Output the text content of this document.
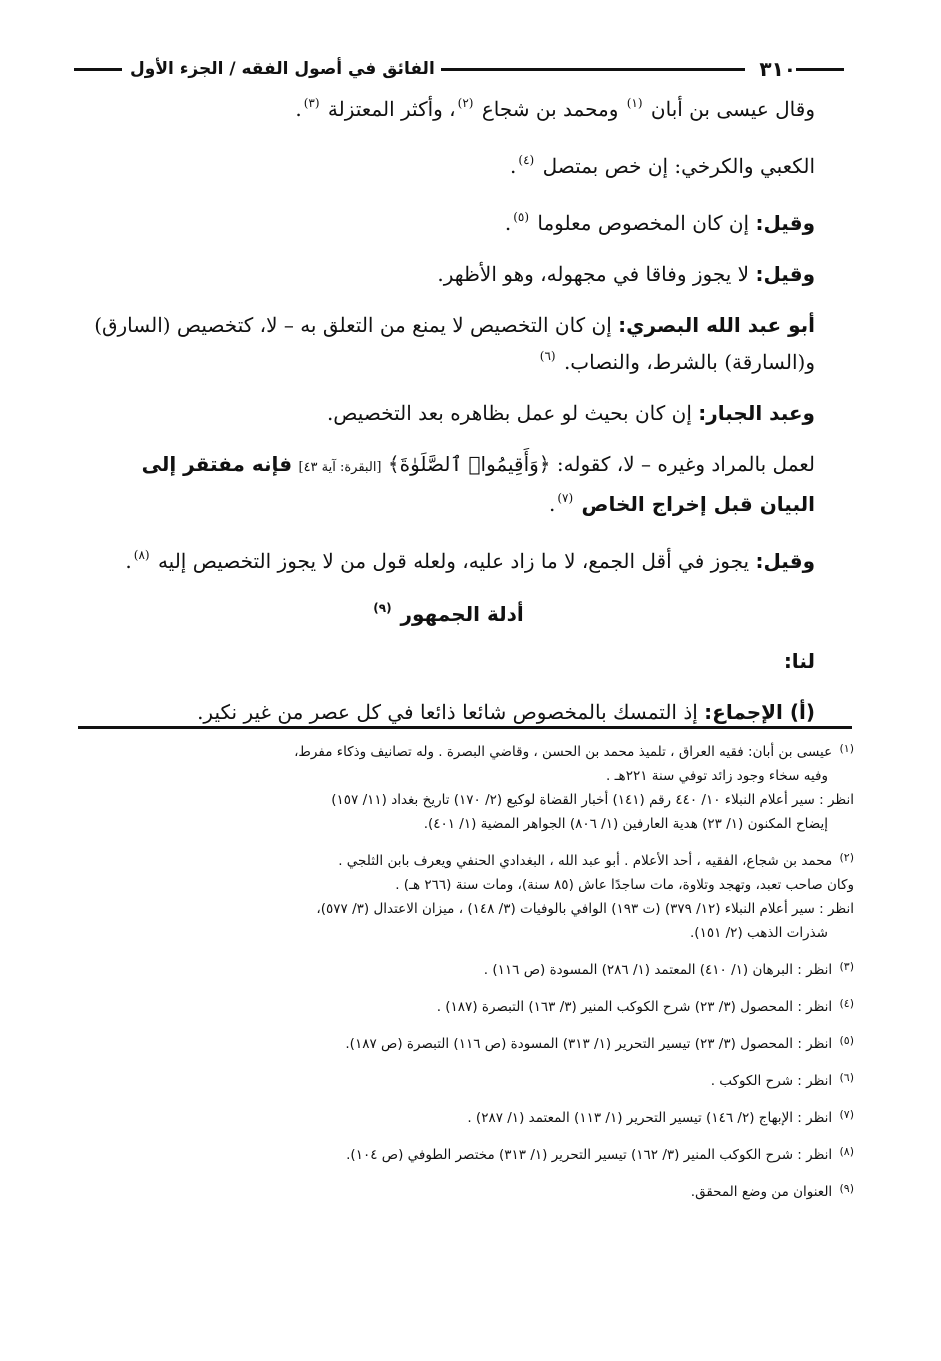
٣١٠
الفائق في أصول الفقه / الجزء الأول

وقال عيسى بن أبان $^{(١)}$ ومحمد بن شجاع $^{(٢)}$، وأكثر المعتزلة $^{(٣)}$.

الكعبي والكرخي: إن خص بمتصل $^{(٤)}$.

وقيل: إن كان المخصوص معلوما $^{(٥)}$.

وقيل: لا يجوز وفاقا في مجهوله، وهو الأظهر.

أبو عبد الله البصري: إن كان التخصيص لا يمنع من التعلق به – لا، كتخصيص (السارق) و(السارقة) بالشرط، والنصاب. $^{(٦)}$

وعبد الجبار: إن كان بحيث لو عمل بظاهره بعد التخصيص.

لعمل بالمراد وغيره – لا، كقوله: ﴿وَأَقِيمُوا۟ ٱلصَّلَوٰةَ﴾ [البقرة: آية ٤٣] فإنه مفتقر إلى البيان قبل إخراج الخاص $^{(٧)}$.

وقيل: يجوز في أقل الجمع، لا ما زاد عليه، ولعله قول من لا يجوز التخصيص إليه $^{(٨)}$.

أدلة الجمهور $^{(٩)}$

لنا:

(أ) الإجماع: إذ التمسك بالمخصوص شائعا ذائعا في كل عصر من غير نكير.

$^{(١)}$ عيسى بن أبان: فقيه العراق ، تلميذ محمد بن الحسن ، وقاضي البصرة . وله تصانيف وذكاء مفرط،
وفيه سخاء وجود زائد توفي سنة ٢٢١هـ .
انظر : سير أعلام النبلاء ١٠/ ٤٤٠ رقم (١٤١) أخبار القضاة لوكيع (٢/ ١٧٠) تاريخ بغداد (١١/ ١٥٧)
إيضاح المكنون (١/ ٢٣) هدية العارفين (١/ ٨٠٦) الجواهر المضية (١/ ٤٠١).
$^{(٢)}$ محمد بن شجاع، الفقيه ، أحد الأعلام . أبو عبد الله ، البغدادي الحنفي ويعرف بابن الثلجي .
وكان صاحب تعبد، وتهجد وتلاوة، مات ساجدًا عاش (٨٥ سنة)، ومات سنة (٢٦٦ هـ) .
انظر : سير أعلام النبلاء (١٢/ ٣٧٩) (ت ١٩٣) الوافي بالوفيات (٣/ ١٤٨) ، ميزان الاعتدال (٣/ ٥٧٧)،
شذرات الذهب (٢/ ١٥١).
$^{(٣)}$ انظر : البرهان (١/ ٤١٠) المعتمد (١/ ٢٨٦) المسودة (ص ١١٦) .
$^{(٤)}$ انظر : المحصول (٣/ ٢٣) شرح الكوكب المنير (٣/ ١٦٣) التبصرة (١٨٧) .
$^{(٥)}$ انظر : المحصول (٣/ ٢٣) تيسير التحرير (١/ ٣١٣) المسودة (ص ١١٦) التبصرة (ص ١٨٧).
$^{(٦)}$ انظر : شرح الكوكب .
$^{(٧)}$ انظر : الإبهاج (٢/ ١٤٦) تيسير التحرير (١/ ١١٣) المعتمد (١/ ٢٨٧) .
$^{(٨)}$ انظر : شرح الكوكب المنير (٣/ ١٦٢) تيسير التحرير (١/ ٣١٣) مختصر الطوفي (ص ١٠٤).
$^{(٩)}$ العنوان من وضع المحقق.
